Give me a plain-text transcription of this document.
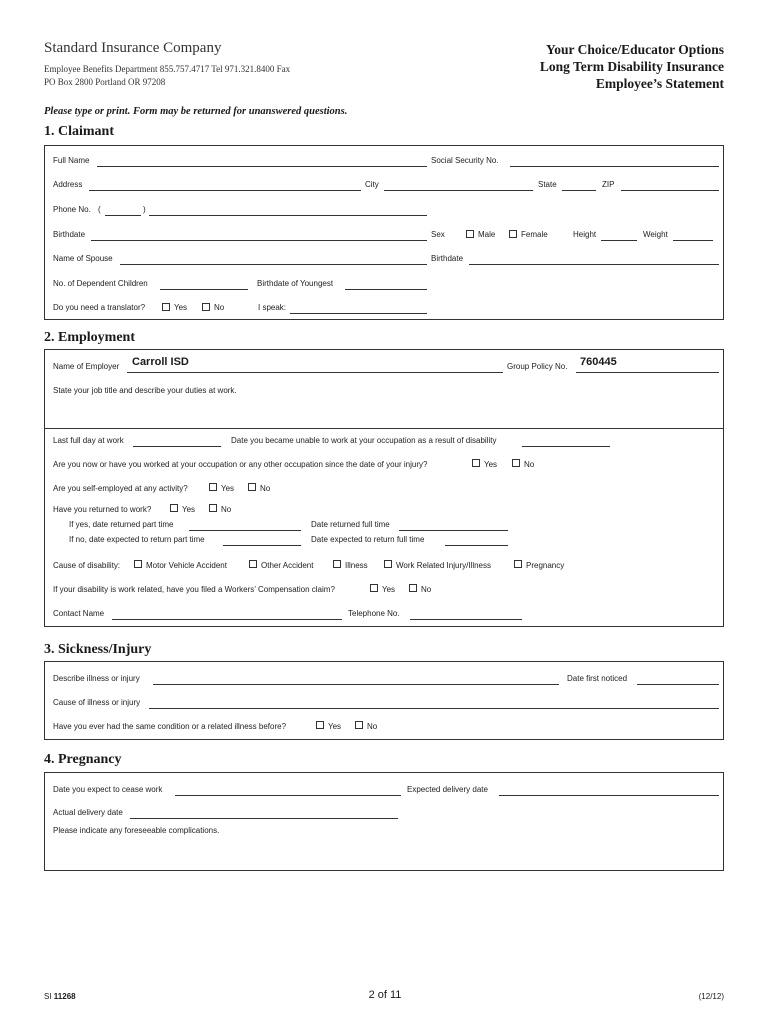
Standard Insurance Company
Employee Benefits Department 855.757.4717 Tel 971.321.8400 Fax
PO Box 2800 Portland OR 97208
Your Choice/Educator Options
Long Term Disability Insurance
Employee’s Statement
Please type or print. Form may be returned for unanswered questions.
1. Claimant
Full Name	Social Security No.
Address	City	State	ZIP
Phone No. (	)
Birthdate	Sex	Male	Female	Height	Weight
Name of Spouse	Birthdate
No. of Dependent Children	Birthdate of Youngest
Do you need a translator?	Yes	No	I speak:
2. Employment
Name of Employer Carroll ISD	Group Policy No. 760445
State your job title and describe your duties at work.
Last full day at work	Date you became unable to work at your occupation as a result of disability
Are you now or have you worked at your occupation or any other occupation since the date of your injury?	Yes	No
Are you self-employed at any activity?	Yes	No
Have you returned to work?	Yes	No
If yes, date returned part time	Date returned full time
If no, date expected to return part time	Date expected to return full time
Cause of disability:	Motor Vehicle Accident	Other Accident	Illness	Work Related Injury/Illness	Pregnancy
If your disability is work related, have you filed a Workers’ Compensation claim?	Yes	No
Contact Name	Telephone No.
3. Sickness/Injury
Describe illness or injury	Date first noticed
Cause of illness or injury
Have you ever had the same condition or a related illness before?	Yes	No
4. Pregnancy
Date you expect to cease work	Expected delivery date
Actual delivery date
Please indicate any foreseeable complications.
SI 11268	2 of 11	(12/12)
